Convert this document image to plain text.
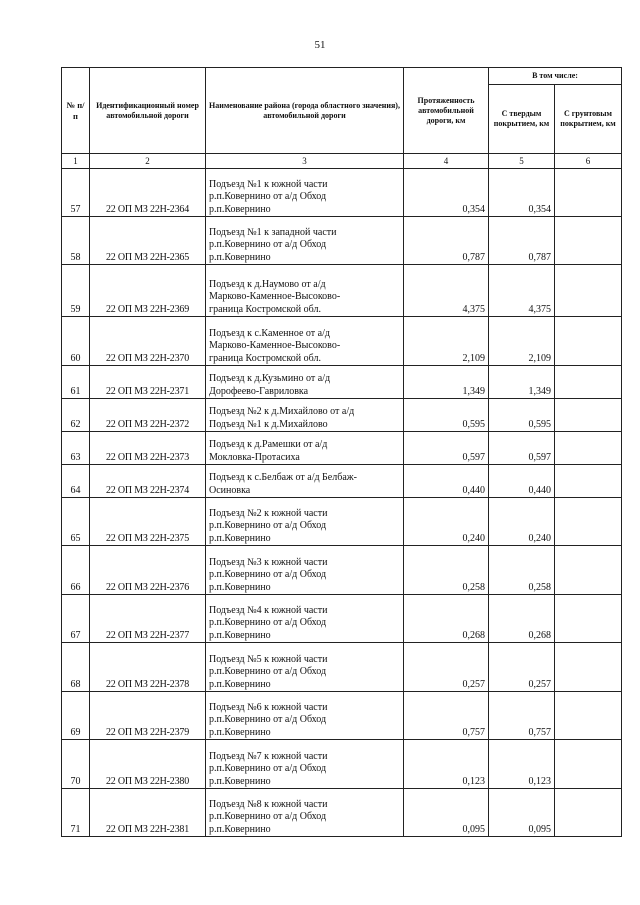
51
№ п/п	Идентификационный номер автомобильной дороги	Наименование района (города областного значения), автомобильной дороги	Протяженность автомобильной дороги, км	В том числе:	
				С твердым покрытием, км	С грунтовым покрытием, км
1	2	3	4	5	6
57	22 ОП МЗ 22Н-2364	Подъезд №1 к южной части
р.п.Ковернино от а/д Обход
р.п.Ковернино	0,354	0,354	
58	22 ОП МЗ 22Н-2365	Подъезд №1 к западной части
р.п.Ковернино от а/д Обход
р.п.Ковернино	0,787	0,787	
59	22 ОП МЗ 22Н-2369	Подъезд к д.Наумово от а/д
Марково-Каменное-Высоково-
граница Костромской обл.	4,375	4,375	
60	22 ОП МЗ 22Н-2370	Подъезд к с.Каменное от а/д
Марково-Каменное-Высоково-
граница Костромской обл.	2,109	2,109	
61	22 ОП МЗ 22Н-2371	Подъезд к д.Кузьмино от а/д
Дорофеево-Гавриловка	1,349	1,349	
62	22 ОП МЗ 22Н-2372	Подъезд №2 к д.Михайлово от а/д
Подъезд №1 к д.Михайлово	0,595	0,595	
63	22 ОП МЗ 22Н-2373	Подъезд к д.Рамешки от а/д
Мокловка-Протасиха	0,597	0,597	
64	22 ОП МЗ 22Н-2374	Подъезд к с.Белбаж от а/д Белбаж-
Осиновка	0,440	0,440	
65	22 ОП МЗ 22Н-2375	Подъезд №2 к южной части
р.п.Ковернино от а/д Обход
р.п.Ковернино	0,240	0,240	
66	22 ОП МЗ 22Н-2376	Подъезд №3 к южной части
р.п.Ковернино от а/д Обход
р.п.Ковернино	0,258	0,258	
67	22 ОП МЗ 22Н-2377	Подъезд №4 к южной части
р.п.Ковернино от а/д Обход
р.п.Ковернино	0,268	0,268	
68	22 ОП МЗ 22Н-2378	Подъезд №5 к южной части
р.п.Ковернино от а/д Обход
р.п.Ковернино	0,257	0,257	
69	22 ОП МЗ 22Н-2379	Подъезд №6 к южной части
р.п.Ковернино от а/д Обход
р.п.Ковернино	0,757	0,757	
70	22 ОП МЗ 22Н-2380	Подъезд №7 к южной части
р.п.Ковернино от а/д Обход
р.п.Ковернино	0,123	0,123	
71	22 ОП МЗ 22Н-2381	Подъезд №8 к южной части
р.п.Ковернино от а/д Обход
р.п.Ковернино	0,095	0,095	
